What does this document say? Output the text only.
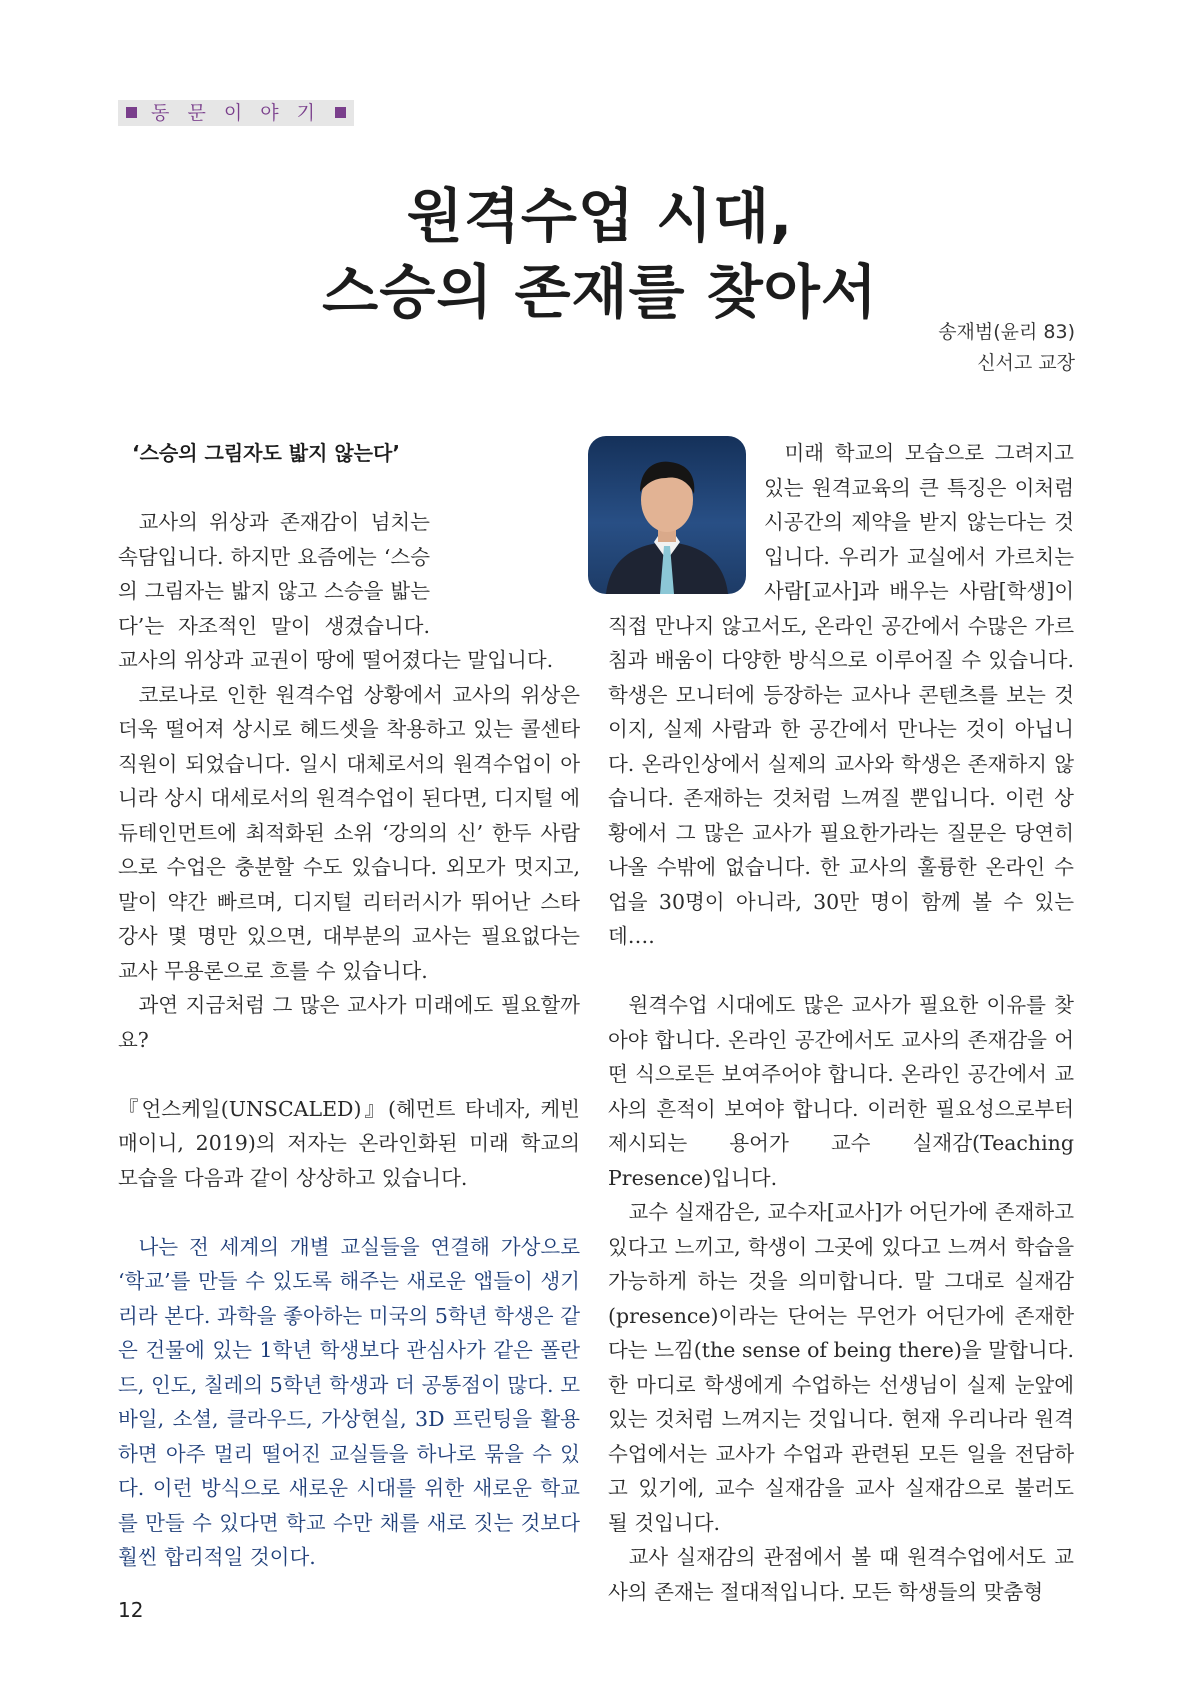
동 문 이 야 기
원격수업 시대,
스승의 존재를 찾아서
송재범(윤리 83)
신서고 교장
‘스승의 그림자도 밟지 않는다’

교사의 위상과 존재감이 넘치는 속담입니다. 하지만 요즘에는 ‘스승의 그림자는 밟지 않고 스승을 밟는다’는 자조적인 말이 생겼습니다. 교사의 위상과 교권이 땅에 떨어졌다는 말입니다.

코로나로 인한 원격수업 상황에서 교사의 위상은 더욱 떨어져 상시로 헤드셋을 착용하고 있는 콜센타 직원이 되었습니다. 일시 대체로서의 원격수업이 아니라 상시 대세로서의 원격수업이 된다면, 디지털 에듀테인먼트에 최적화된 소위 ‘강의의 신’ 한두 사람으로 수업은 충분할 수도 있습니다. 외모가 멋지고, 말이 약간 빠르며, 디지털 리터러시가 뛰어난 스타 강사 몇 명만 있으면, 대부분의 교사는 필요없다는 교사 무용론으로 흐를 수 있습니다.

과연 지금처럼 그 많은 교사가 미래에도 필요할까요?

『언스케일(UNSCALED)』(헤먼트 타네자, 케빈 매이니, 2019)의 저자는 온라인화된 미래 학교의 모습을 다음과 같이 상상하고 있습니다.

나는 전 세계의 개별 교실들을 연결해 가상으로 ‘학교’를 만들 수 있도록 해주는 새로운 앱들이 생기리라 본다. 과학을 좋아하는 미국의 5학년 학생은 같은 건물에 있는 1학년 학생보다 관심사가 같은 폴란드, 인도, 칠레의 5학년 학생과 더 공통점이 많다. 모바일, 소셜, 클라우드, 가상현실, 3D 프린팅을 활용하면 아주 멀리 떨어진 교실들을 하나로 묶을 수 있다. 이런 방식으로 새로운 시대를 위한 새로운 학교를 만들 수 있다면 학교 수만 채를 새로 짓는 것보다 훨씬 합리적일 것이다.

미래 학교의 모습으로 그려지고 있는 원격교육의 큰 특징은 이처럼 시공간의 제약을 받지 않는다는 것입니다. 우리가 교실에서 가르치는 사람[교사]과 배우는 사람[학생]이 직접 만나지 않고서도, 온라인 공간에서 수많은 가르침과 배움이 다양한 방식으로 이루어질 수 있습니다. 학생은 모니터에 등장하는 교사나 콘텐츠를 보는 것이지, 실제 사람과 한 공간에서 만나는 것이 아닙니다. 온라인상에서 실제의 교사와 학생은 존재하지 않습니다. 존재하는 것처럼 느껴질 뿐입니다. 이런 상황에서 그 많은 교사가 필요한가라는 질문은 당연히 나올 수밖에 없습니다. 한 교사의 훌륭한 온라인 수업을 30명이 아니라, 30만 명이 함께 볼 수 있는데….

원격수업 시대에도 많은 교사가 필요한 이유를 찾아야 합니다. 온라인 공간에서도 교사의 존재감을 어떤 식으로든 보여주어야 합니다. 온라인 공간에서 교사의 흔적이 보여야 합니다. 이러한 필요성으로부터 제시되는 용어가 교수 실재감(Teaching Presence)입니다.

교수 실재감은, 교수자[교사]가 어딘가에 존재하고 있다고 느끼고, 학생이 그곳에 있다고 느껴서 학습을 가능하게 하는 것을 의미합니다. 말 그대로 실재감(presence)이라는 단어는 무언가 어딘가에 존재한다는 느낌(the sense of being there)을 말합니다. 한 마디로 학생에게 수업하는 선생님이 실제 눈앞에 있는 것처럼 느껴지는 것입니다. 현재 우리나라 원격수업에서는 교사가 수업과 관련된 모든 일을 전담하고 있기에, 교수 실재감을 교사 실재감으로 불러도 될 것입니다.

교사 실재감의 관점에서 볼 때 원격수업에서도 교사의 존재는 절대적입니다. 모든 학생들의 맞춤형

12
